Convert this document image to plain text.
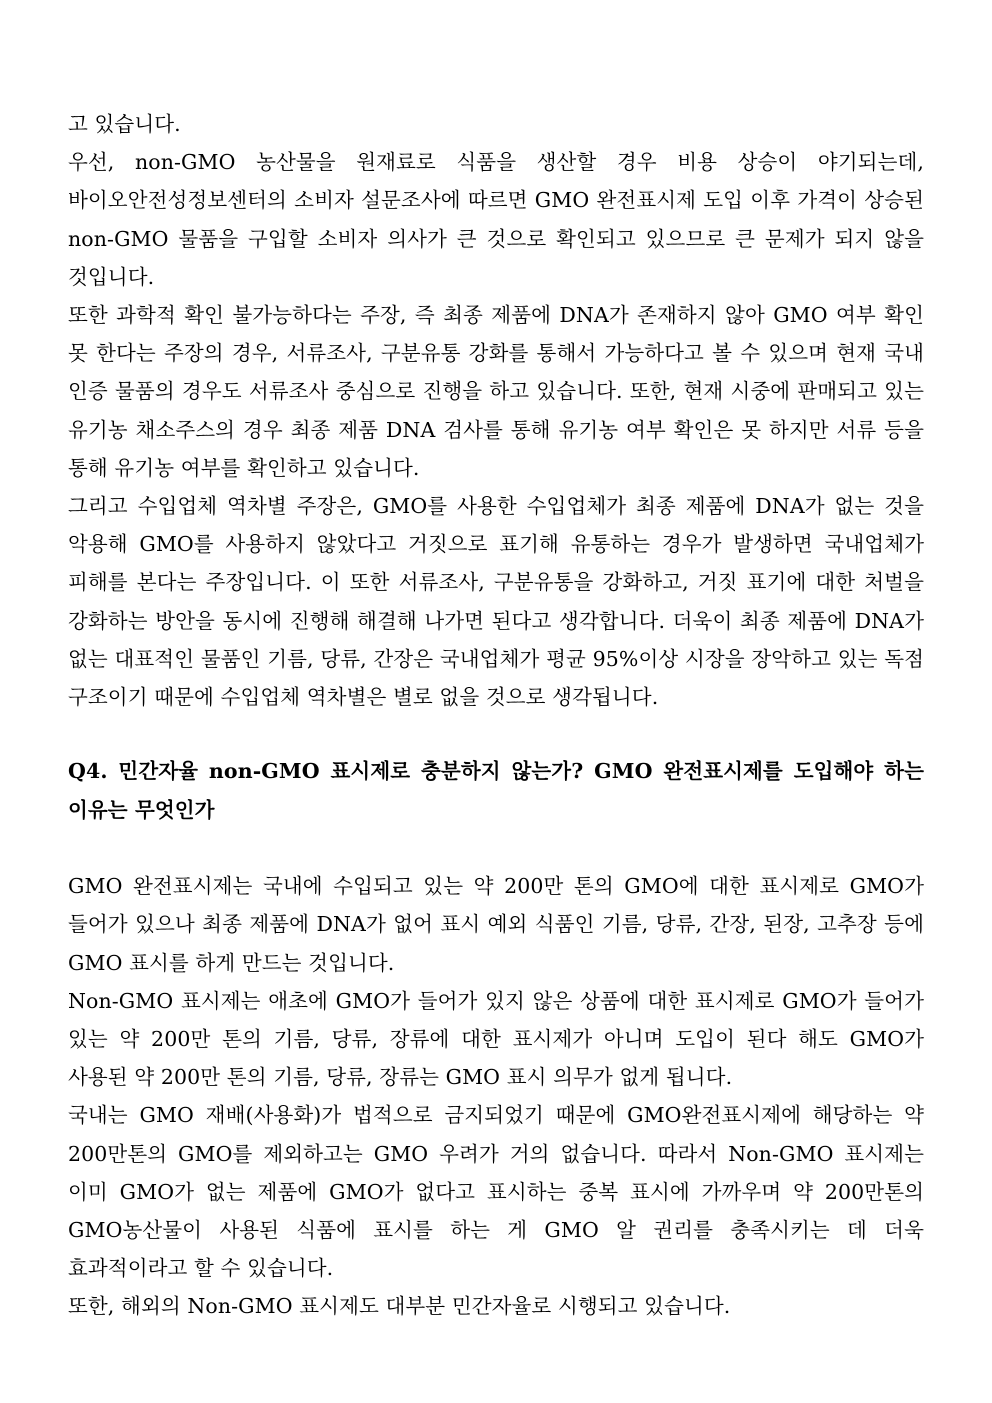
고 있습니다.

우선, non-GMO 농산물을 원재료로 식품을 생산할 경우 비용 상승이 야기되는데, 바이오안전성정보센터의 소비자 설문조사에 따르면 GMO 완전표시제 도입 이후 가격이 상승된 non-GMO 물품을 구입할 소비자 의사가 큰 것으로 확인되고 있으므로 큰 문제가 되지 않을 것입니다.

또한 과학적 확인 불가능하다는 주장, 즉 최종 제품에 DNA가 존재하지 않아 GMO 여부 확인 못 한다는 주장의 경우, 서류조사, 구분유통 강화를 통해서 가능하다고 볼 수 있으며 현재 국내 인증 물품의 경우도 서류조사 중심으로 진행을 하고 있습니다. 또한, 현재 시중에 판매되고 있는 유기농 채소주스의 경우 최종 제품 DNA 검사를 통해 유기농 여부 확인은 못 하지만 서류 등을 통해 유기농 여부를 확인하고 있습니다.

그리고 수입업체 역차별 주장은, GMO를 사용한 수입업체가 최종 제품에 DNA가 없는 것을 악용해 GMO를 사용하지 않았다고 거짓으로 표기해 유통하는 경우가 발생하면 국내업체가 피해를 본다는 주장입니다. 이 또한 서류조사, 구분유통을 강화하고, 거짓 표기에 대한 처벌을 강화하는 방안을 동시에 진행해 해결해 나가면 된다고 생각합니다. 더욱이 최종 제품에 DNA가 없는 대표적인 물품인 기름, 당류, 간장은 국내업체가 평균 95%이상 시장을 장악하고 있는 독점 구조이기 때문에 수입업체 역차별은 별로 없을 것으로 생각됩니다.

Q4. 민간자율 non-GMO 표시제로 충분하지 않는가? GMO 완전표시제를 도입해야 하는 이유는 무엇인가

GMO 완전표시제는 국내에 수입되고 있는 약 200만 톤의 GMO에 대한 표시제로 GMO가 들어가 있으나 최종 제품에 DNA가 없어 표시 예외 식품인 기름, 당류, 간장, 된장, 고추장 등에 GMO 표시를 하게 만드는 것입니다.

Non-GMO 표시제는 애초에 GMO가 들어가 있지 않은 상품에 대한 표시제로 GMO가 들어가 있는 약 200만 톤의 기름, 당류, 장류에 대한 표시제가 아니며 도입이 된다 해도 GMO가 사용된 약 200만 톤의 기름, 당류, 장류는 GMO 표시 의무가 없게 됩니다.

국내는 GMO 재배(사용화)가 법적으로 금지되었기 때문에 GMO완전표시제에 해당하는 약 200만톤의 GMO를 제외하고는 GMO 우려가 거의 없습니다. 따라서 Non-GMO 표시제는 이미 GMO가 없는 제품에 GMO가 없다고 표시하는 중복 표시에 가까우며 약 200만톤의 GMO농산물이 사용된 식품에 표시를 하는 게 GMO 알 권리를 충족시키는 데 더욱 효과적이라고 할 수 있습니다.

또한, 해외의 Non-GMO 표시제도 대부분 민간자율로 시행되고 있습니다.
